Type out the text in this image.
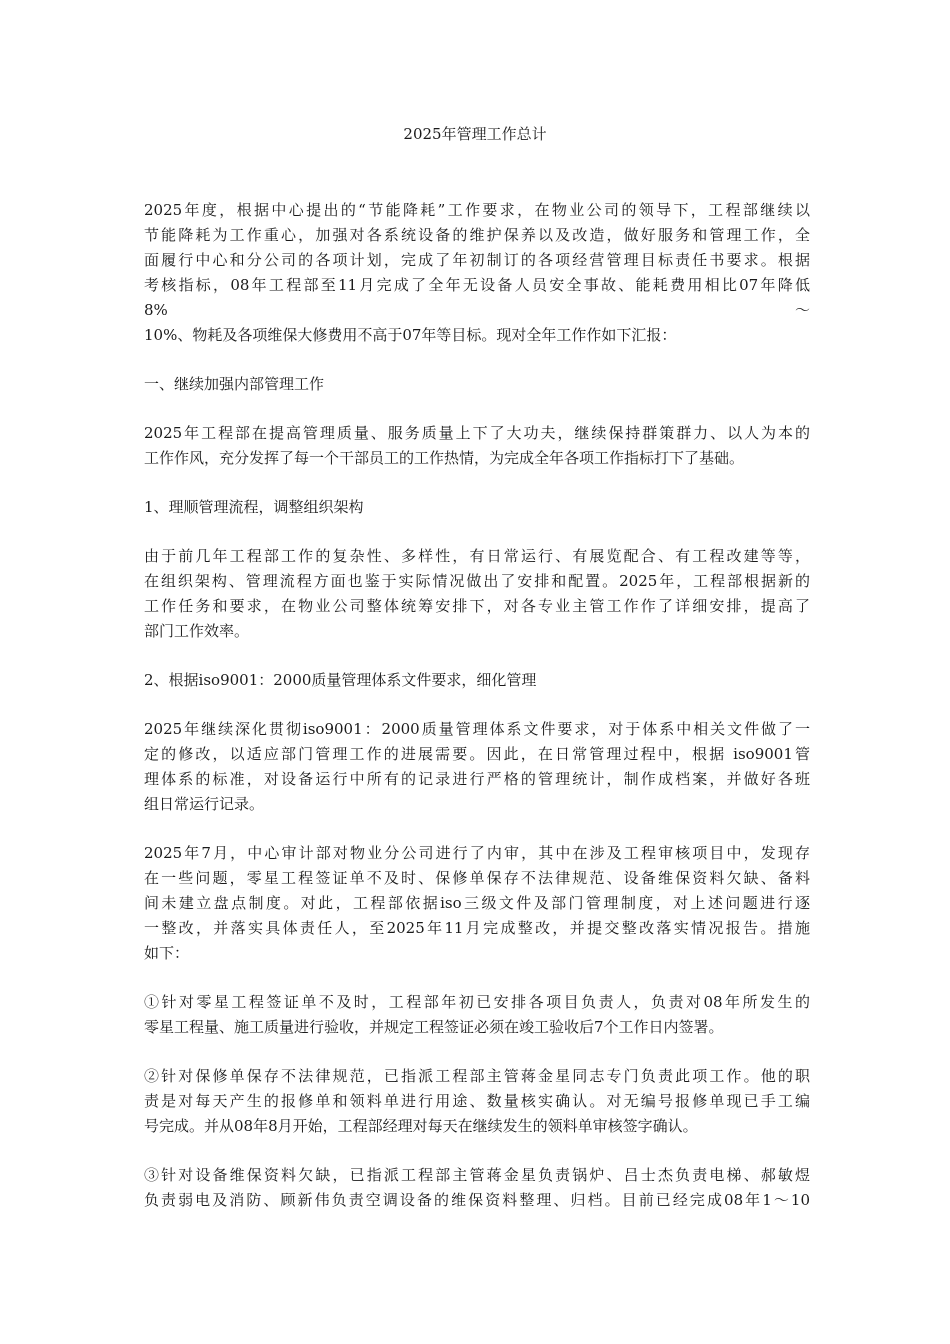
2025年管理工作总计

2025年度，根据中心提出的“节能降耗”工作要求，在物业公司的领导下，工程部继续以
节能降耗为工作重心，加强对各系统设备的维护保养以及改造，做好服务和管理工作，全
面履行中心和分公司的各项计划，完成了年初制订的各项经营管理目标责任书要求。根据
考核指标，08年工程部至11月完成了全年无设备人员安全事故、能耗费用相比07年降低
8%～
10%、物耗及各项维保大修费用不高于07年等目标。现对全年工作作如下汇报：

一、继续加强内部管理工作

2025年工程部在提高管理质量、服务质量上下了大功夫，继续保持群策群力、以人为本的
工作作风，充分发挥了每一个干部员工的工作热情，为完成全年各项工作指标打下了基础。

1、理顺管理流程，调整组织架构

由于前几年工程部工作的复杂性、多样性，有日常运行、有展览配合、有工程改建等等，
在组织架构、管理流程方面也鉴于实际情况做出了安排和配置。2025年，工程部根据新的
工作任务和要求，在物业公司整体统筹安排下，对各专业主管工作作了详细安排，提高了
部门工作效率。

2、根据iso9001：2000质量管理体系文件要求，细化管理

2025年继续深化贯彻iso9001：2000质量管理体系文件要求，对于体系中相关文件做了一
定的修改，以适应部门管理工作的进展需要。因此，在日常管理过程中，根据 iso9001管
理体系的标准，对设备运行中所有的记录进行严格的管理统计，制作成档案，并做好各班
组日常运行记录。

2025年7月，中心审计部对物业分公司进行了内审，其中在涉及工程审核项目中，发现存
在一些问题，零星工程签证单不及时、保修单保存不法律规范、设备维保资料欠缺、备料
间未建立盘点制度。对此，工程部依据iso三级文件及部门管理制度，对上述问题进行逐
一整改，并落实具体责任人，至2025年11月完成整改，并提交整改落实情况报告。措施
如下：

①针对零星工程签证单不及时，工程部年初已安排各项目负责人，负责对08年所发生的
零星工程量、施工质量进行验收，并规定工程签证必须在竣工验收后7个工作日内签署。

②针对保修单保存不法律规范，已指派工程部主管蒋金星同志专门负责此项工作。他的职
责是对每天产生的报修单和领料单进行用途、数量核实确认。对无编号报修单现已手工编
号完成。并从08年8月开始，工程部经理对每天在继续发生的领料单审核签字确认。

③针对设备维保资料欠缺，已指派工程部主管蒋金星负责锅炉、吕士杰负责电梯、郝敏煜
负责弱电及消防、顾新伟负责空调设备的维保资料整理、归档。目前已经完成08年1～10
